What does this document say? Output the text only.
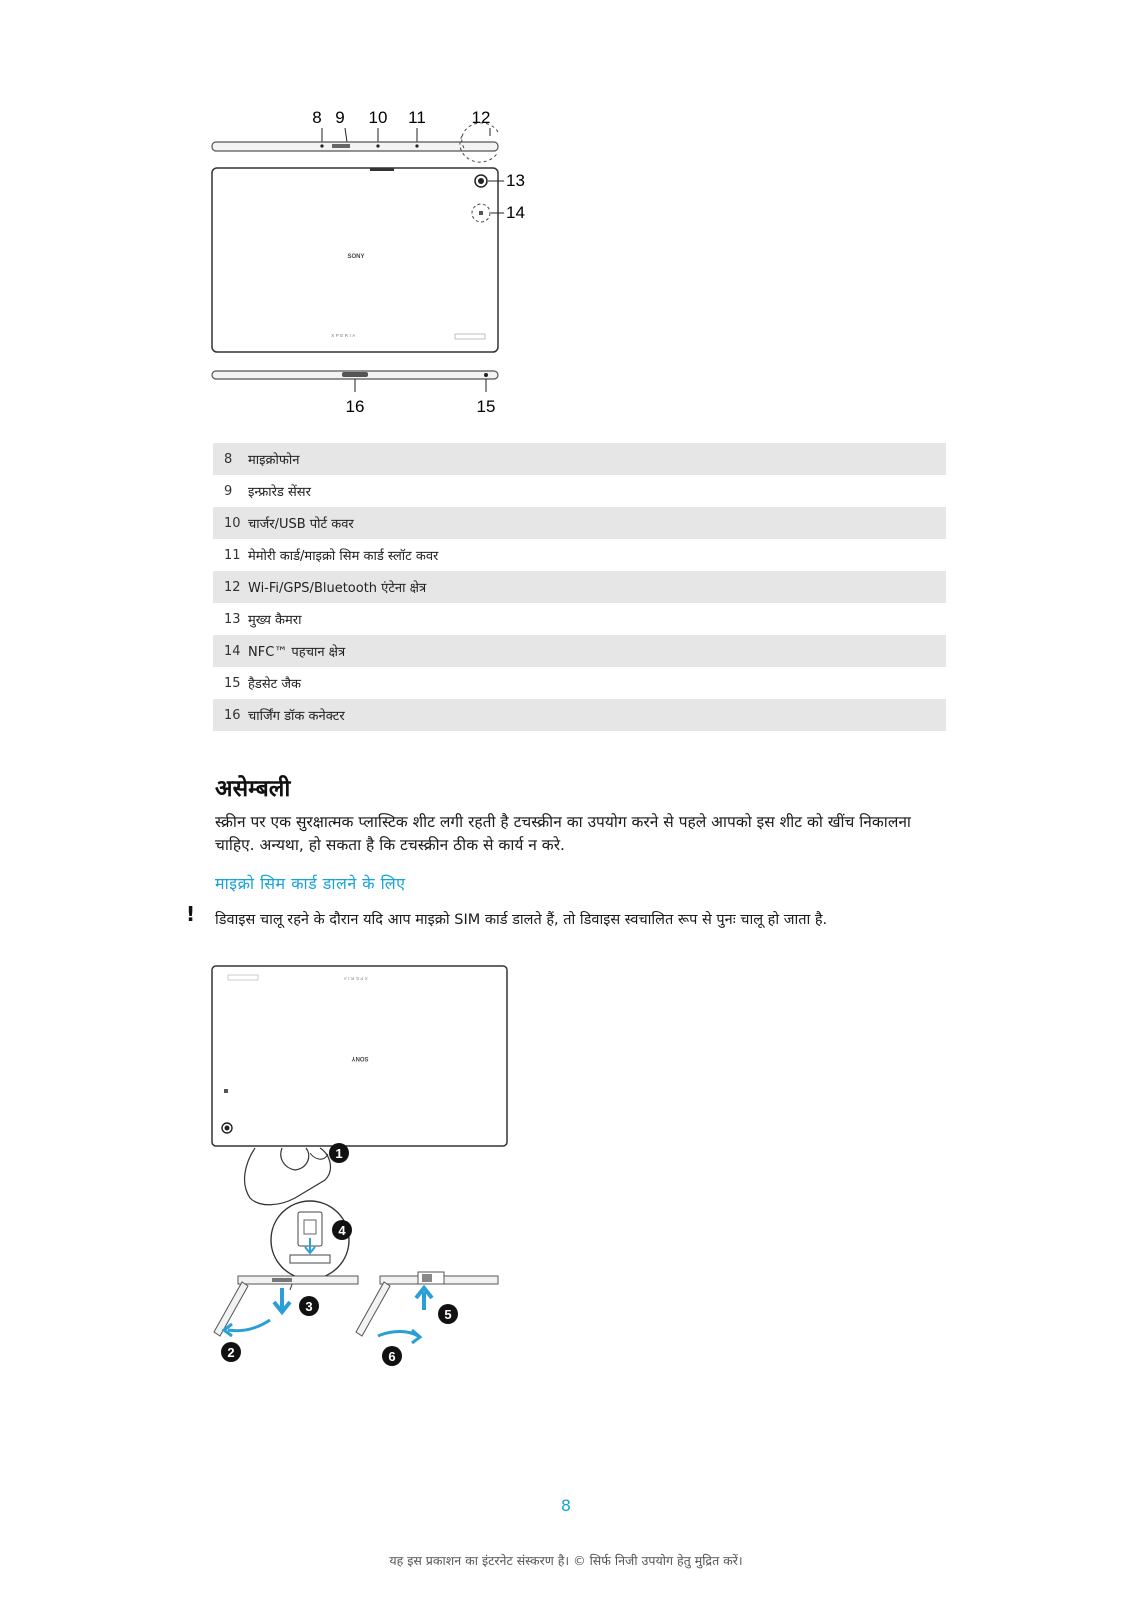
8 9 10 11	12
13
14
15
16
SONY
XPERIA
8	माइक्रोफोन
9	इन्फ्रारेड सेंसर
10 चार्जर/USB पोर्ट कवर
11 मेमोरी कार्ड/माइक्रो सिम कार्ड स्लॉट कवर
12 Wi-Fi/GPS/Bluetooth एंटेना क्षेत्र
13 मुख्य कैमरा
14 NFC™ पहचान क्षेत्र
15 हैडसेट जैक
16 चार्जिंग डॉक कनेक्टर
असेम्बली

स्क्रीन पर एक सुरक्षात्मक प्लास्टिक शीट लगी रहती है टचस्क्रीन का उपयोग करने से पहले आपको इस शीट को खींच निकालना चाहिए. अन्यथा, हो सकता है कि टचस्क्रीन ठीक से कार्य न करे.

माइक्रो सिम कार्ड डालने के लिए
! डिवाइस चालू रहने के दौरान यदि आप माइक्रो SIM कार्ड डालते हैं, तो डिवाइस स्वचालित रूप से पुनः चालू हो जाता है.

XPERIA
SONY
1
4
3
2
5
6
8
यह इस प्रकाशन का इंटरनेट संस्करण है। © सिर्फ निजी उपयोग हेतु मुद्रित करें।
